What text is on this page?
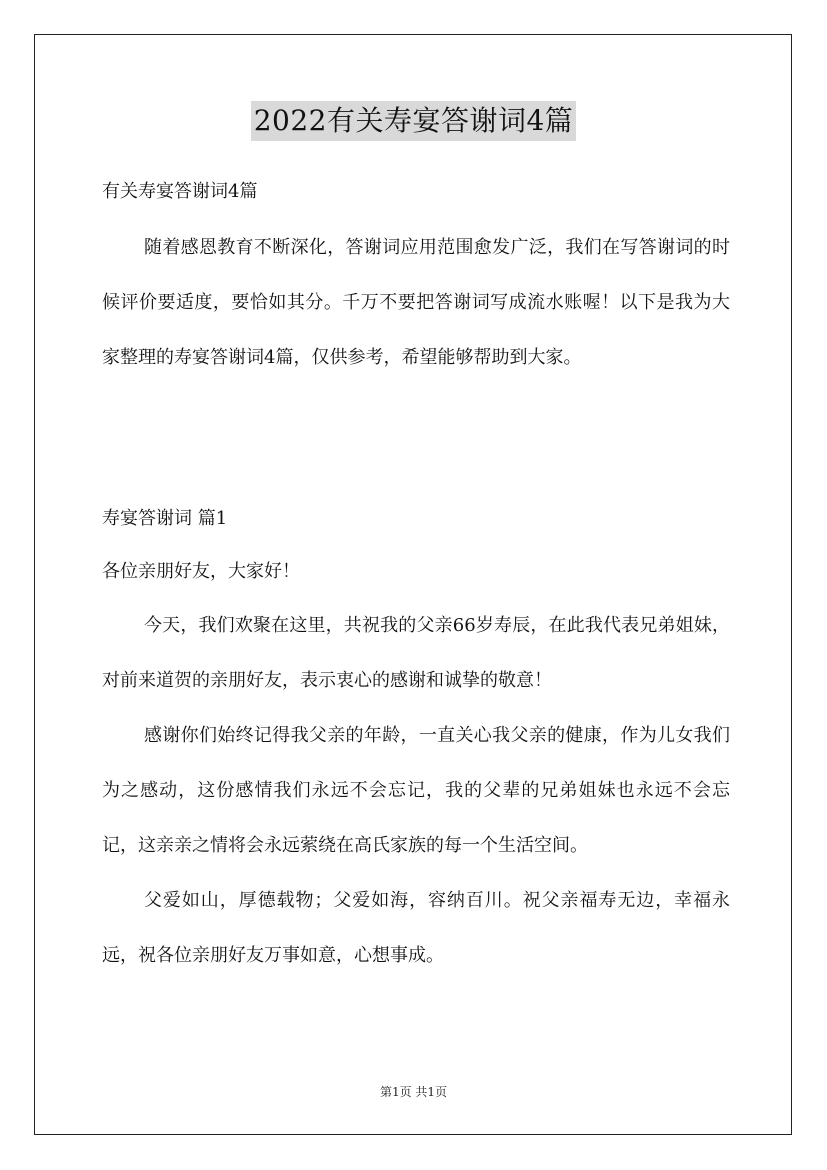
2022有关寿宴答谢词4篇

有关寿宴答谢词4篇

随着感恩教育不断深化，答谢词应用范围愈发广泛，我们在写答谢词的时候评价要适度，要恰如其分。千万不要把答谢词写成流水账喔！以下是我为大家整理的寿宴答谢词4篇，仅供参考，希望能够帮助到大家。

寿宴答谢词 篇1

各位亲朋好友，大家好！

今天，我们欢聚在这里，共祝我的父亲66岁寿辰，在此我代表兄弟姐妹，对前来道贺的亲朋好友，表示衷心的感谢和诚挚的敬意！

感谢你们始终记得我父亲的年龄，一直关心我父亲的健康，作为儿女我们为之感动，这份感情我们永远不会忘记，我的父辈的兄弟姐妹也永远不会忘记，这亲亲之情将会永远萦绕在高氏家族的每一个生活空间。

父爱如山，厚德载物；父爱如海，容纳百川。祝父亲福寿无边，幸福永远，祝各位亲朋好友万事如意，心想事成。

第1页 共1页
